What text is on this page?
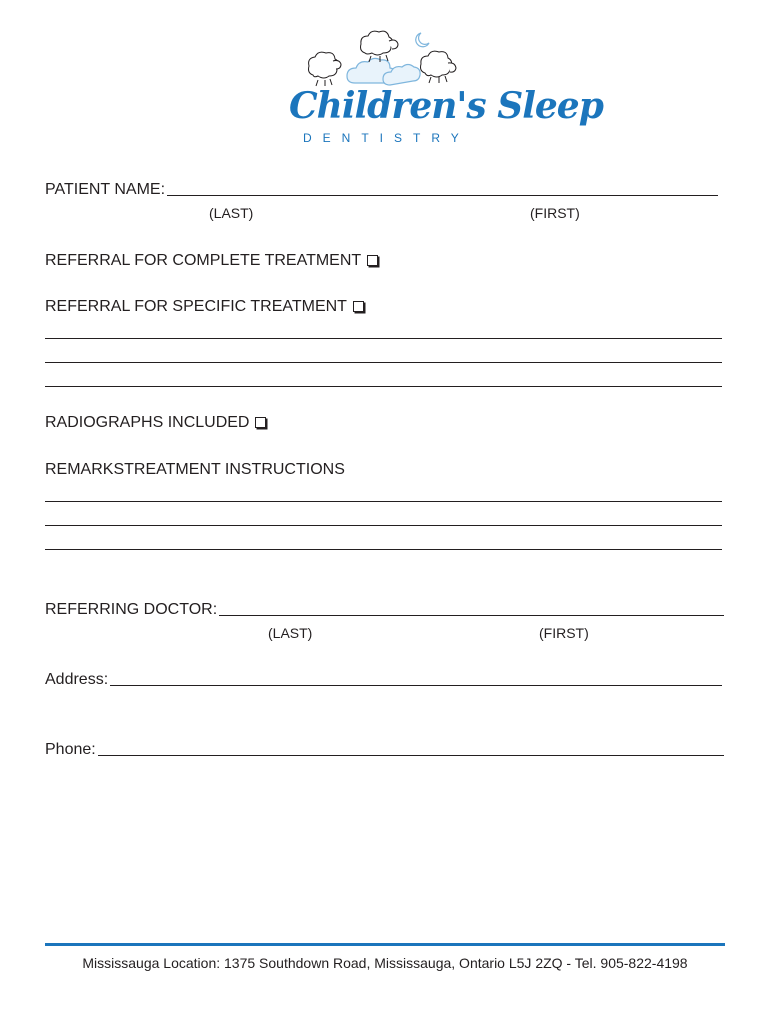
Children's Sleep
DENTISTRY
PATIENT NAME:
(LAST)	(FIRST)
REFERRAL FOR COMPLETE TREATMENT
REFERRAL FOR SPECIFIC TREATMENT
RADIOGRAPHS INCLUDED
REMARKSTREATMENT INSTRUCTIONS
REFERRING DOCTOR:
(LAST)	(FIRST)
Address:
Phone:
Mississauga Location: 1375 Southdown Road, Mississauga, Ontario L5J 2ZQ - Tel. 905-822-4198
